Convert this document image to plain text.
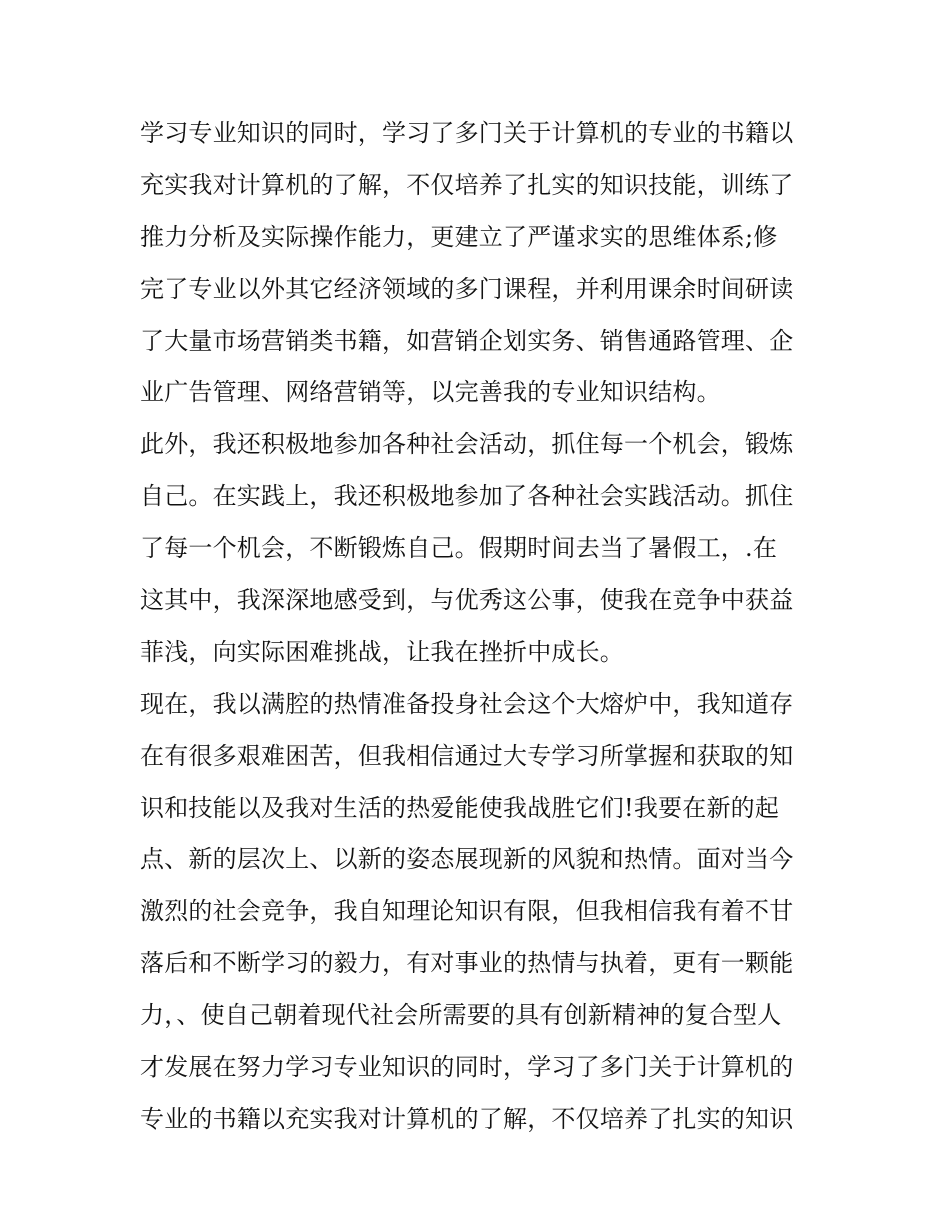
学习专业知识的同时，学习了多门关于计算机的专业的书籍以
充实我对计算机的了解，不仅培养了扎实的知识技能，训练了
推力分析及实际操作能力，更建立了严谨求实的思维体系;修
完了专业以外其它经济领域的多门课程，并利用课余时间研读
了大量市场营销类书籍，如营销企划实务、销售通路管理、企
业广告管理、网络营销等，以完善我的专业知识结构。
此外，我还积极地参加各种社会活动，抓住每一个机会，锻炼
自己。在实践上，我还积极地参加了各种社会实践活动。抓住
了每一个机会，不断锻炼自己。假期时间去当了暑假工，.在
这其中，我深深地感受到，与优秀这公事，使我在竞争中获益
菲浅，向实际困难挑战，让我在挫折中成长。
现在，我以满腔的热情准备投身社会这个大熔炉中，我知道存
在有很多艰难困苦，但我相信通过大专学习所掌握和获取的知
识和技能以及我对生活的热爱能使我战胜它们!我要在新的起
点、新的层次上、以新的姿态展现新的风貌和热情。面对当今
激烈的社会竞争，我自知理论知识有限，但我相信我有着不甘
落后和不断学习的毅力，有对事业的热情与执着，更有一颗能
力，、使自己朝着现代社会所需要的具有创新精神的复合型人
才发展在努力学习专业知识的同时，学习了多门关于计算机的
专业的书籍以充实我对计算机的了解，不仅培养了扎实的知识
